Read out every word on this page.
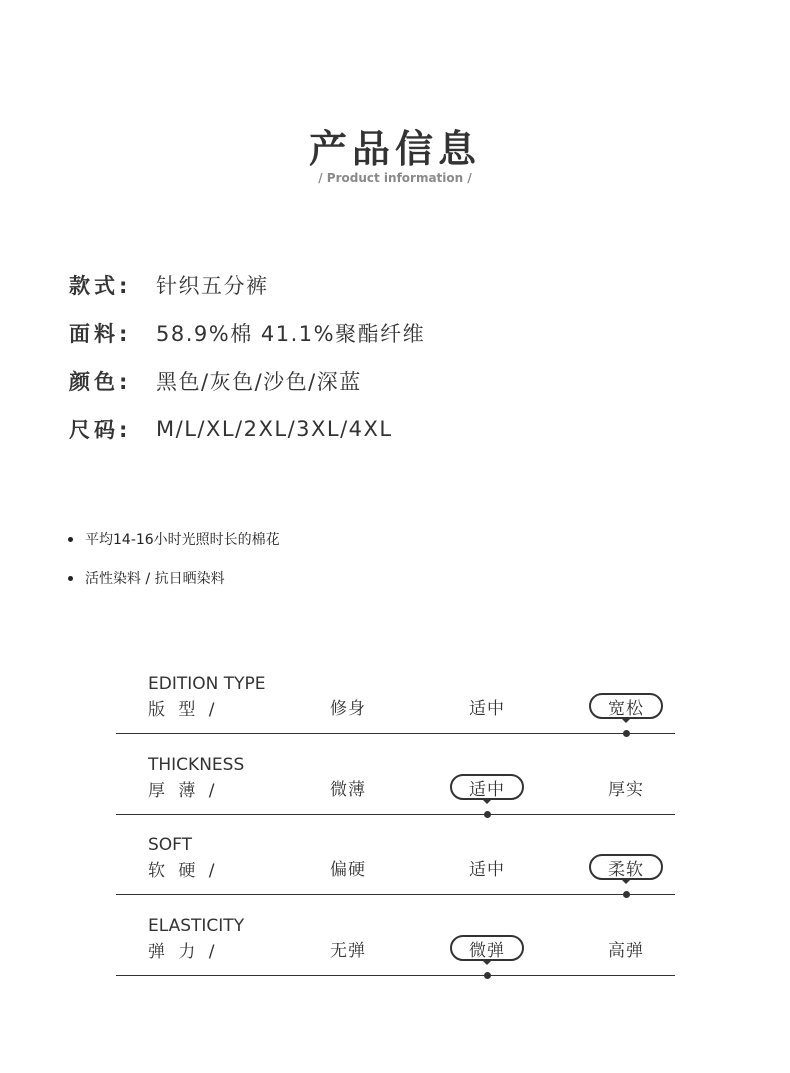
产品信息
/ Product information /
款式:	针织五分裤
面料:	58.9%棉 41.1%聚酯纤维
颜色:	黑色/灰色/沙色/深蓝
尺码:	M/L/XL/2XL/3XL/4XL
平均14-16小时光照时长的棉花
活性染料 / 抗日晒染料
EDITION TYPE
版 型 /	修身	适中	宽松
THICKNESS
厚 薄 /	微薄	适中	厚实
SOFT
软 硬 /	偏硬	适中	柔软
ELASTICITY
弹 力 /	无弹	微弹	高弹
